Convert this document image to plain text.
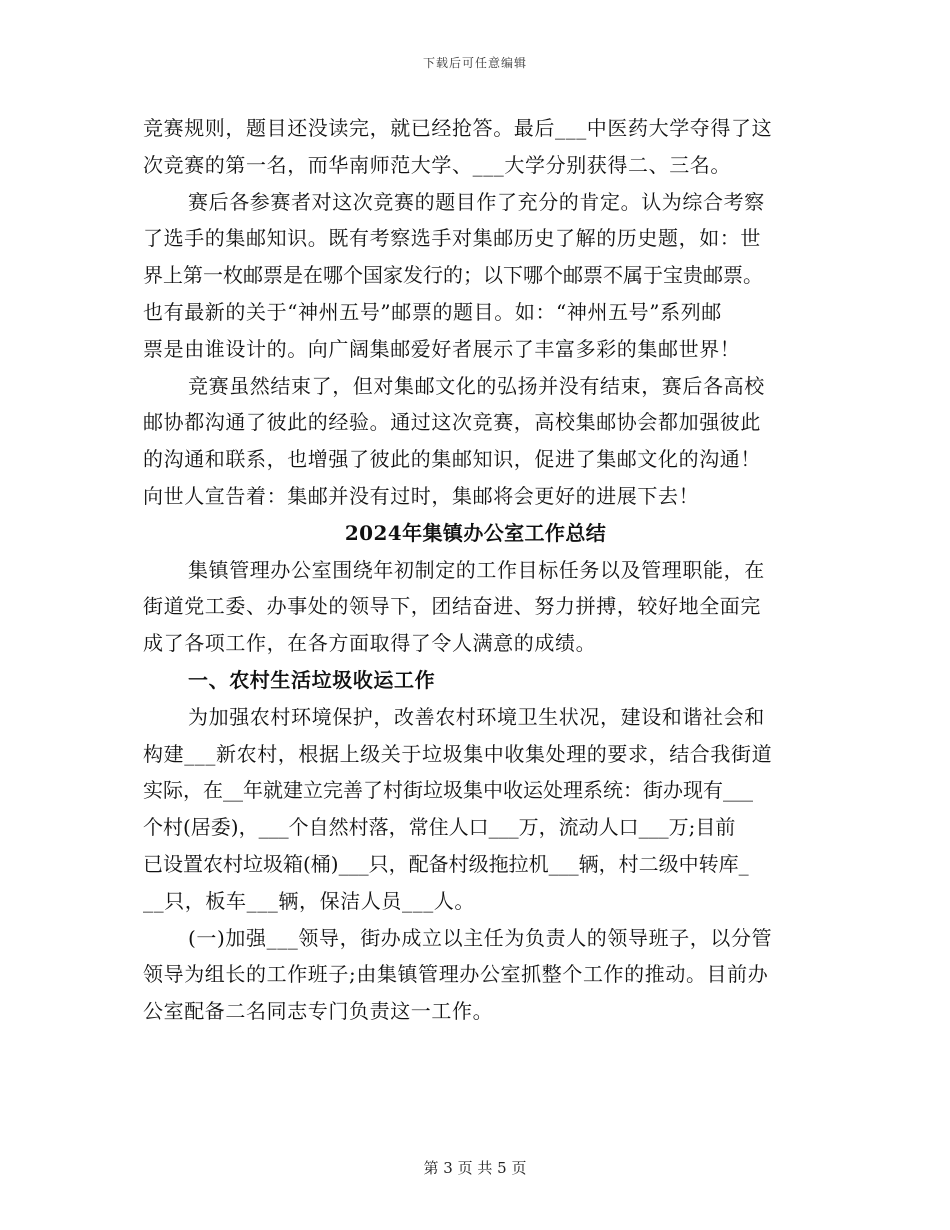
下载后可任意编辑
竞赛规则，题目还没读完，就已经抢答。最后___中医药大学夺得了这
次竞赛的第一名，而华南师范大学、___大学分别获得二、三名。
赛后各参赛者对这次竞赛的题目作了充分的肯定。认为综合考察
了选手的集邮知识。既有考察选手对集邮历史了解的历史题，如：世
界上第一枚邮票是在哪个国家发行的；以下哪个邮票不属于宝贵邮票。
也有最新的关于“神州五号”邮票的题目。如：“神州五号”系列邮
票是由谁设计的。向广阔集邮爱好者展示了丰富多彩的集邮世界！
竞赛虽然结束了，但对集邮文化的弘扬并没有结束，赛后各高校
邮协都沟通了彼此的经验。通过这次竞赛，高校集邮协会都加强彼此
的沟通和联系，也增强了彼此的集邮知识，促进了集邮文化的沟通！
向世人宣告着：集邮并没有过时，集邮将会更好的进展下去！
2024年集镇办公室工作总结
集镇管理办公室围绕年初制定的工作目标任务以及管理职能，在
街道党工委、办事处的领导下，团结奋进、努力拼搏，较好地全面完
成了各项工作，在各方面取得了令人满意的成绩。
一、农村生活垃圾收运工作
为加强农村环境保护，改善农村环境卫生状况，建设和谐社会和
构建___新农村，根据上级关于垃圾集中收集处理的要求，结合我街道
实际，在__年就建立完善了村街垃圾集中收运处理系统：街办现有___
个村(居委)，___个自然村落，常住人口___万，流动人口___万;目前
已设置农村垃圾箱(桶)___只，配备村级拖拉机___辆，村二级中转库_
__只，板车___辆，保洁人员___人。
(一)加强___领导，街办成立以主任为负责人的领导班子，以分管
领导为组长的工作班子;由集镇管理办公室抓整个工作的推动。目前办
公室配备二名同志专门负责这一工作。
第 3 页 共 5 页
